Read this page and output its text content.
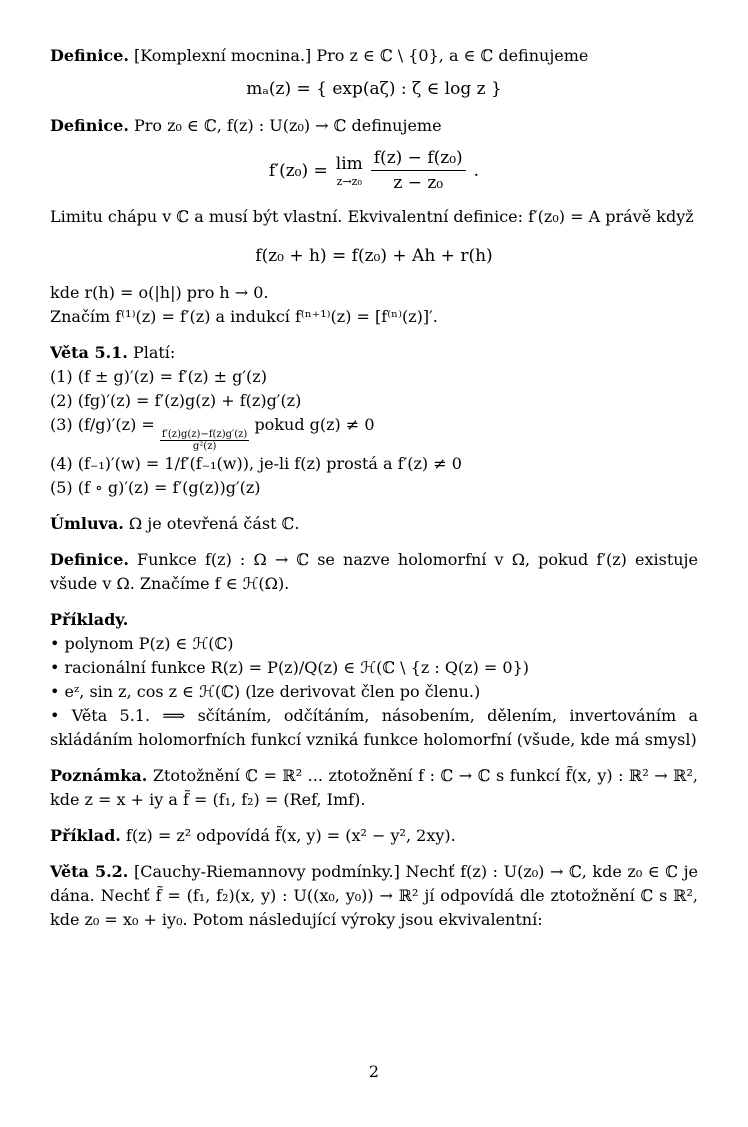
Definice. [Komplexní mocnina.] Pro z ∈ ℂ \ {0}, a ∈ ℂ definujeme

mₐ(z) = { exp(aζ) : ζ ∈ log z }

Definice. Pro z₀ ∈ ℂ, f(z) : U(z₀) → ℂ definujeme

f′(z₀) = lim
$z\to z_0 \frac{\text{f(z) − f(z₀)}}{\text{z − z₀}}$ .

Limitu chápu v ℂ a musí být vlastní. Ekvivalentní definice: f′(z₀) = A právě když

f(z₀ + h) = f(z₀) + Ah + r(h)

kde r(h) = o(|h|) pro h → 0.

Značím f⁽¹⁾(z) = f′(z) a indukcí f⁽ⁿ⁺¹⁾(z) = [f⁽ⁿ⁾(z)]′.

Věta 5.1. Platí:

(1) (f ± g)′(z) = f′(z) ± g′(z)

(2) (fg)′(z) = f′(z)g(z) + f(z)g′(z)

(3) (f/g)′(z) =
$\frac{f'(z)g(z)-f(z)g'(z)}{\text{g²(z)}}$
pokud g(z) ≠ 0

(4) (f₋₁)′(w) = 1/f′(f₋₁(w)), je-li f(z) prostá a f′(z) ≠ 0

(5) (f ∘ g)′(z) = f′(g(z))g′(z)

Úmluva. Ω je otevřená část ℂ.

Definice. Funkce f(z) : Ω → ℂ se nazve holomorfní v Ω, pokud f′(z) existuje všude v Ω. Značíme f ∈ ℋ(Ω).

Příklady.

• polynom P(z) ∈ ℋ(ℂ)

• racionální funkce R(z) = P(z)/Q(z) ∈ ℋ(ℂ \ {z : Q(z) = 0})

• eᶻ, sin z, cos z ∈ ℋ(ℂ) (lze derivovat člen po členu.)

• Věta 5.1. ⟹ sčítáním, odčítáním, násobením, dělením, invertováním a skládáním holomorfních funkcí vzniká funkce holomorfní (všude, kde má smysl)

Poznámka. Ztotožnění ℂ = ℝ² ... ztotožnění f : ℂ → ℂ s funkcí f̃(x, y) : ℝ² → ℝ², kde z = x + iy a f̃ = (f₁, f₂) = (Ref, Imf).

Příklad. f(z) = z² odpovídá f̃(x, y) = (x² − y², 2xy).

Věta 5.2. [Cauchy-Riemannovy podmínky.] Nechť f(z) : U(z₀) → ℂ, kde z₀ ∈ ℂ je dána. Nechť f̃ = (f₁, f₂)(x, y) : U((x₀, y₀)) → ℝ² jí odpovídá dle ztotožnění ℂ s ℝ², kde z₀ = x₀ + iy₀. Potom následující výroky jsou ekvivalentní:

2
